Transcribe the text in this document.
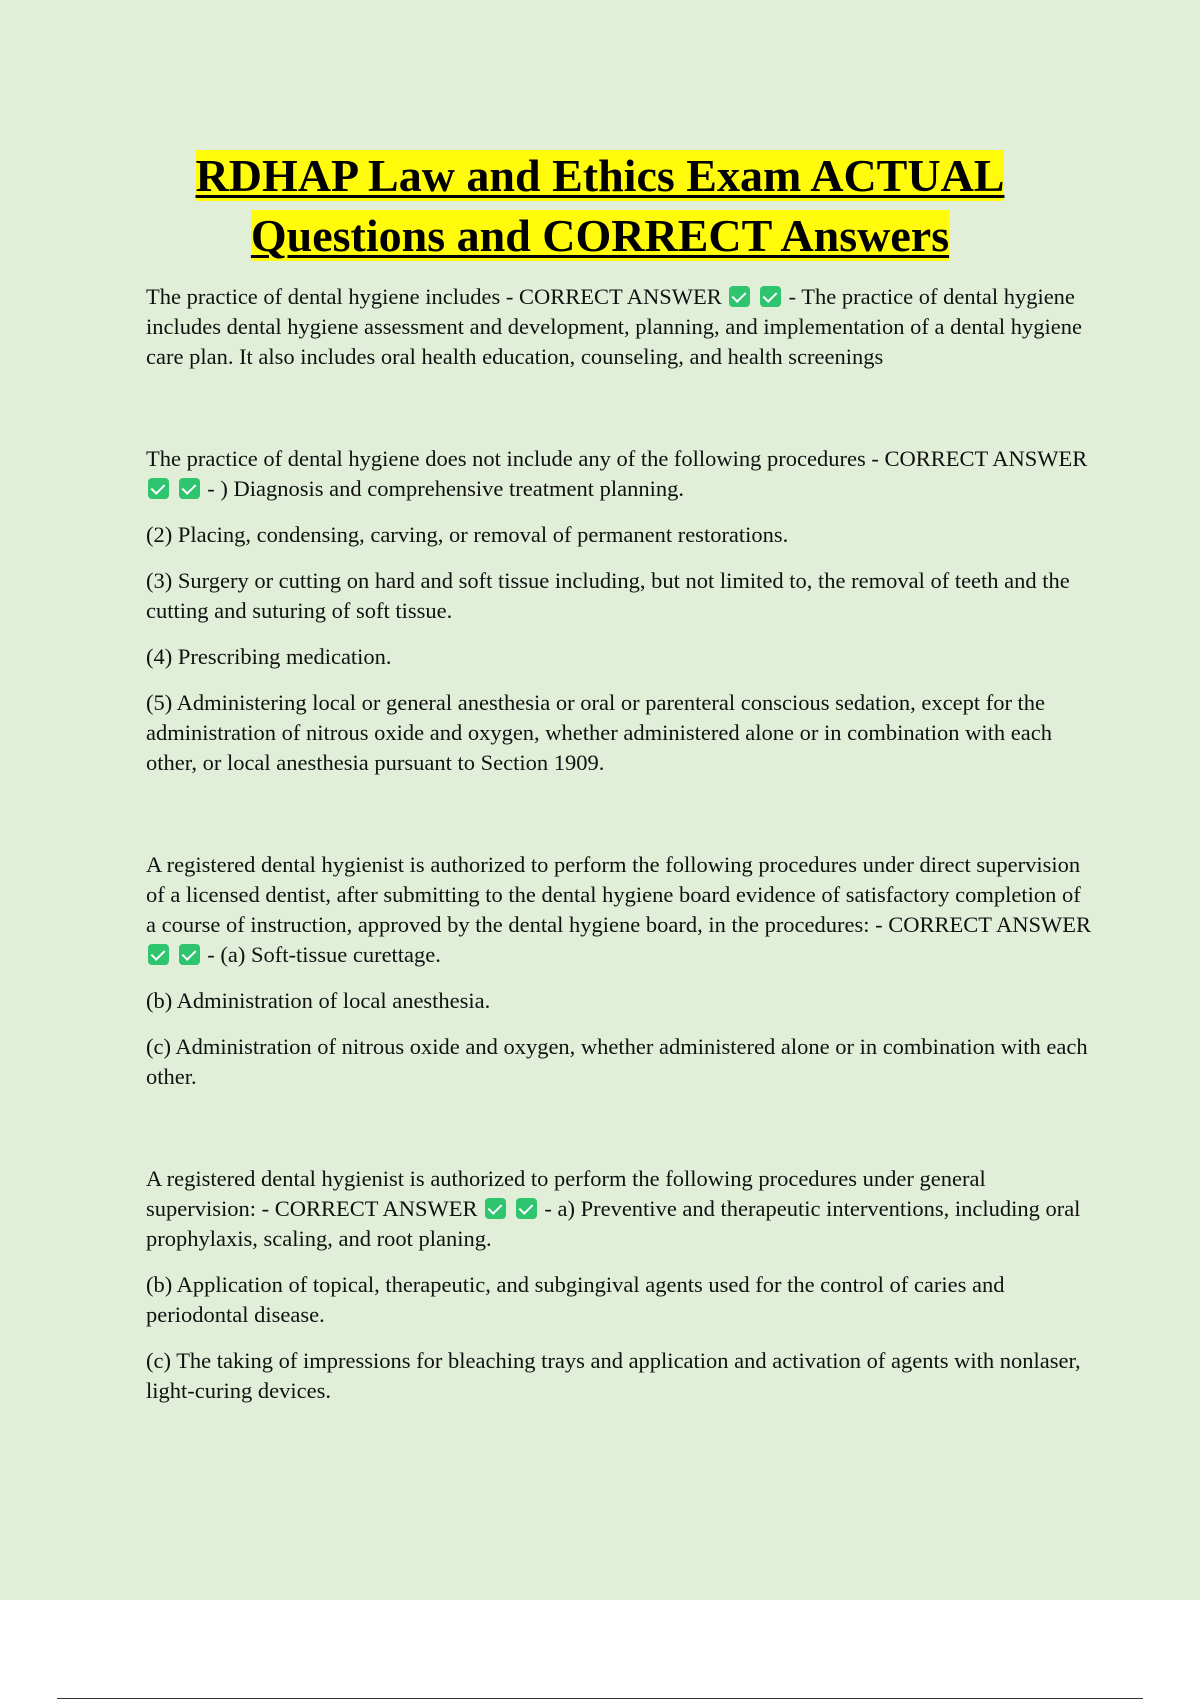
RDHAP Law and Ethics Exam ACTUAL
Questions and CORRECT Answers

The practice of dental hygiene includes - CORRECT ANSWER	- The practice of dental hygiene includes dental hygiene assessment and development, planning, and implementation of a dental hygiene care plan. It also includes oral health education, counseling, and health screenings

The practice of dental hygiene does not include any of the following procedures - CORRECT ANSWER   - ) Diagnosis and comprehensive treatment planning.

(2) Placing, condensing, carving, or removal of permanent restorations.

(3) Surgery or cutting on hard and soft tissue including, but not limited to, the removal of teeth and the cutting and suturing of soft tissue.

(4) Prescribing medication.

(5) Administering local or general anesthesia or oral or parenteral conscious sedation, except for the administration of nitrous oxide and oxygen, whether administered alone or in combination with each other, or local anesthesia pursuant to Section 1909.

A registered dental hygienist is authorized to perform the following procedures under direct supervision of a licensed dentist, after submitting to the dental hygiene board evidence of satisfactory completion of a course of instruction, approved by the dental hygiene board, in the procedures: - CORRECT ANSWER   - (a) Soft-tissue curettage.

(b) Administration of local anesthesia.

(c) Administration of nitrous oxide and oxygen, whether administered alone or in combination with each other.

A registered dental hygienist is authorized to perform the following procedures under general supervision: - CORRECT ANSWER	- a) Preventive and therapeutic interventions, including oral prophylaxis, scaling, and root planing.

(b) Application of topical, therapeutic, and subgingival agents used for the control of caries and periodontal disease.

(c) The taking of impressions for bleaching trays and application and activation of agents with nonlaser, light-curing devices.
